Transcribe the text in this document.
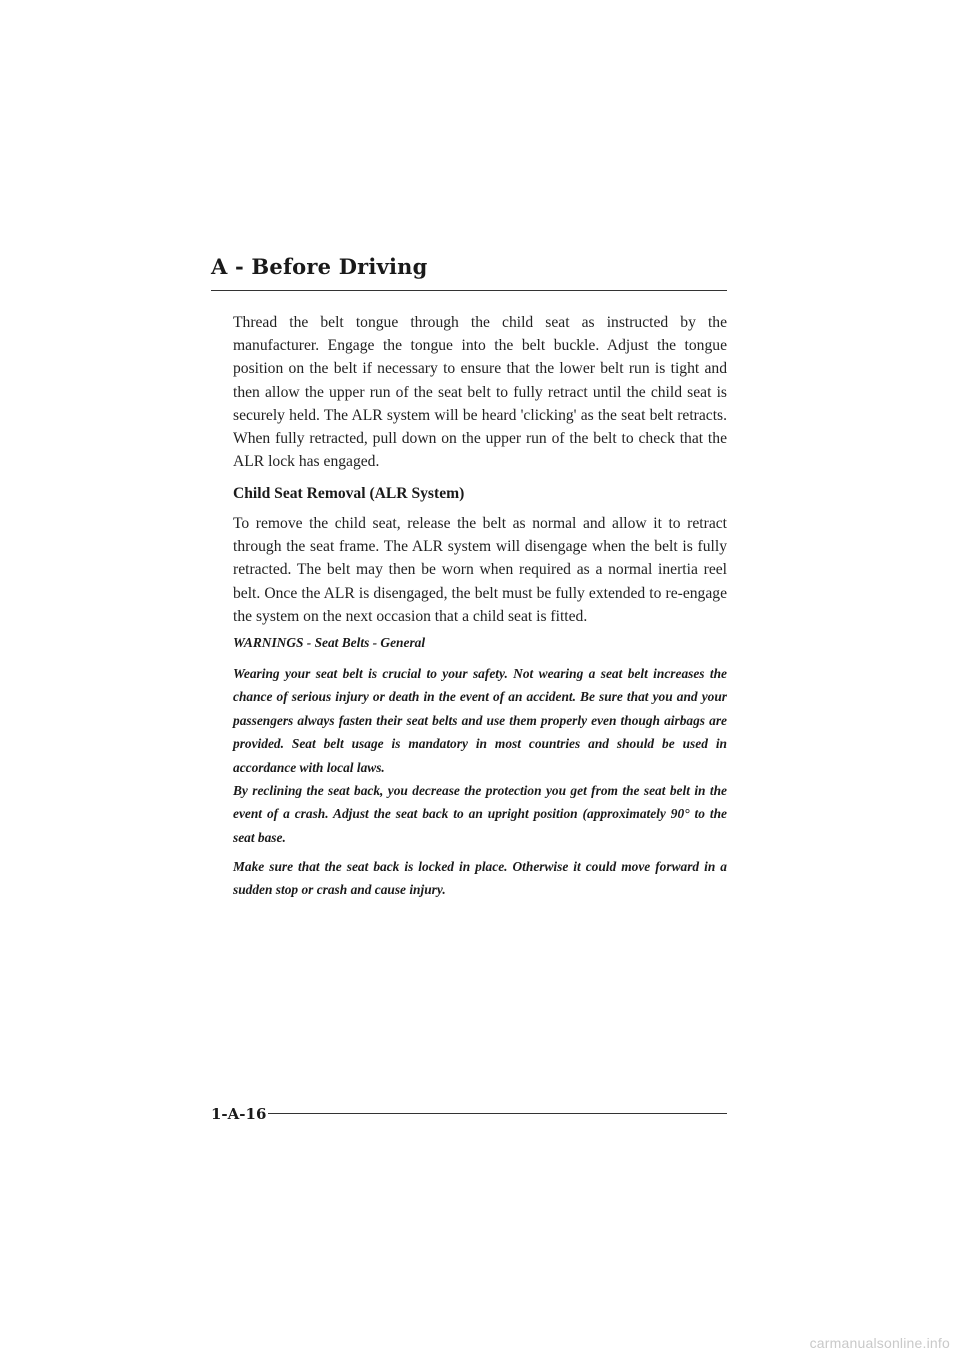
A - Before Driving

Thread the belt tongue through the child seat as instructed by the manufacturer. Engage the tongue into the belt buckle. Adjust the tongue position on the belt if necessary to ensure that the lower belt run is tight and then allow the upper run of the seat belt to fully retract until the child seat is securely held. The ALR system will be heard 'clicking' as the seat belt retracts. When fully retracted, pull down on the upper run of the belt to check that the ALR lock has engaged.

Child Seat Removal (ALR System)

To remove the child seat, release the belt as normal and allow it to retract through the seat frame. The ALR system will disengage when the belt is fully retracted. The belt may then be worn when required as a normal inertia reel belt. Once the ALR is disengaged, the belt must be fully extended to re-engage the system on the next occasion that a child seat is fitted.

WARNINGS - Seat Belts - General

Wearing your seat belt is crucial to your safety. Not wearing a seat belt increases the chance of serious injury or death in the event of an accident. Be sure that you and your passengers always fasten their seat belts and use them properly even though airbags are provided. Seat belt usage is mandatory in most countries and should be used in accordance with local laws.

By reclining the seat back, you decrease the protection you get from the seat belt in the event of a crash. Adjust the seat back to an upright position (approximately 90° to the seat base.

Make sure that the seat back is locked in place. Otherwise it could move forward in a sudden stop or crash and cause injury.

1-A-16

carmanualsonline.info
